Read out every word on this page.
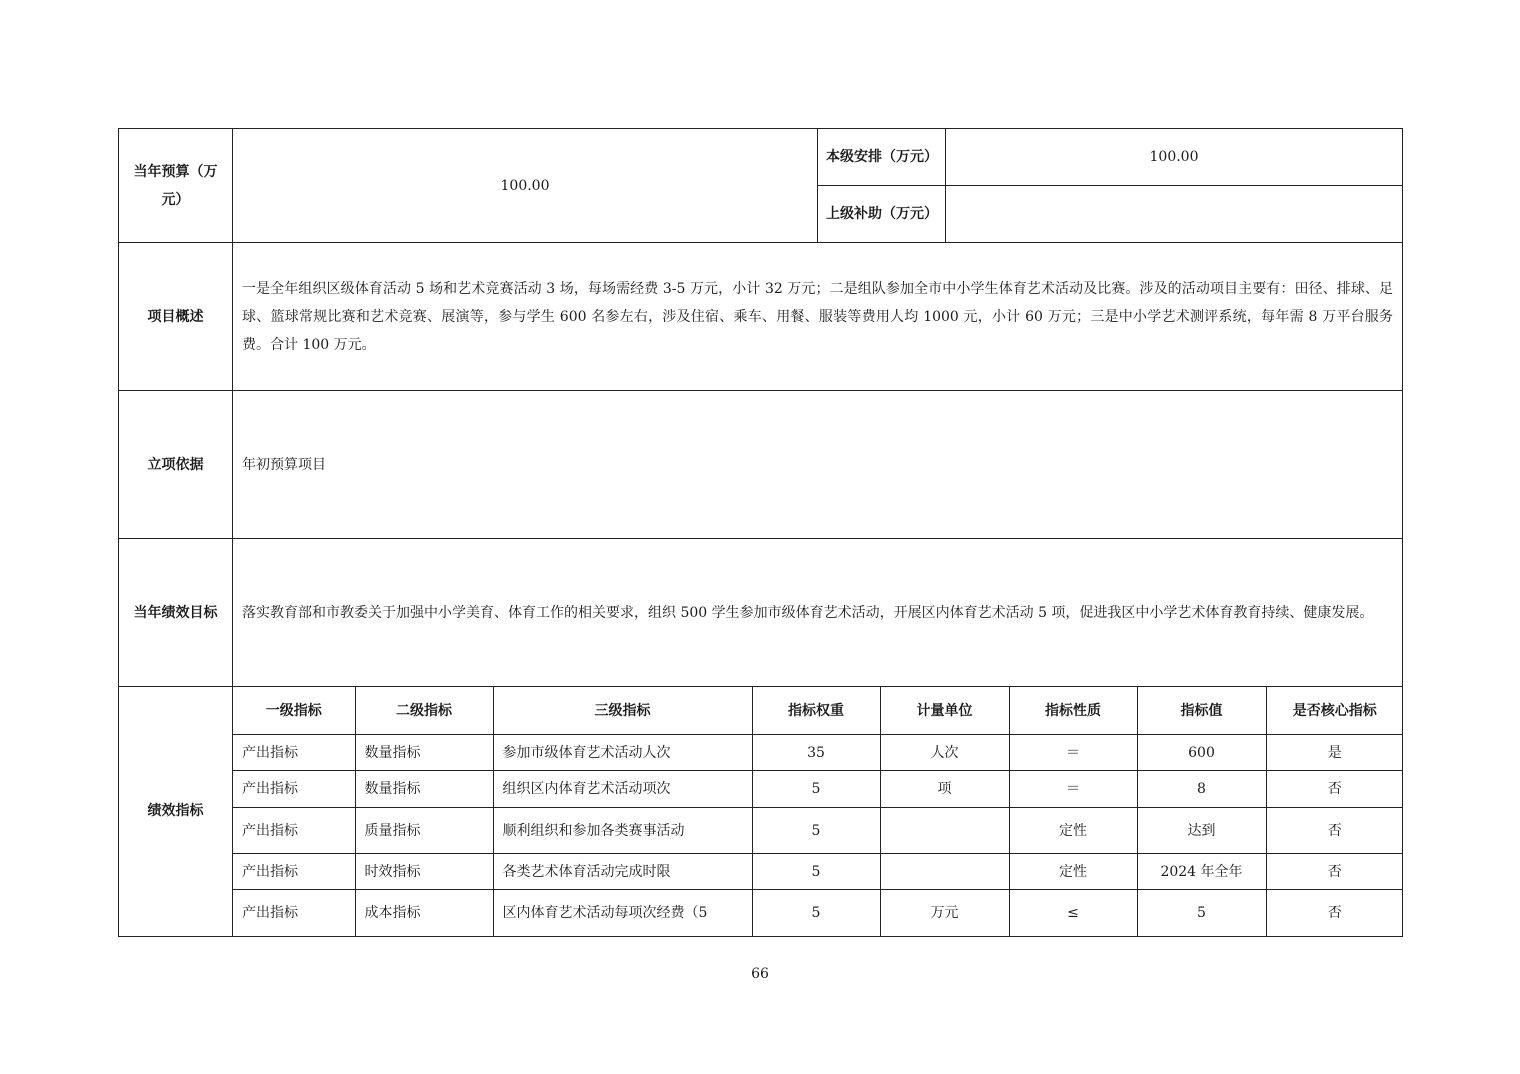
当年预算（万元）	100.00	本级安排（万元）	100.00
上级补助（万元）	
项目概述	一是全年组织区级体育活动 5 场和艺术竞赛活动 3 场，每场需经费 3-5 万元，小计 32 万元；二是组队参加全市中小学生体育艺术活动及比赛。涉及的活动项目主要有：田径、排球、足球、篮球常规比赛和艺术竞赛、展演等，参与学生 600 名参左右，涉及住宿、乘车、用餐、服装等费用人均 1000 元，小计 60 万元；三是中小学艺术测评系统，每年需 8 万平台服务费。合计 100 万元。
立项依据	年初预算项目
当年绩效目标	落实教育部和市教委关于加强中小学美育、体育工作的相关要求，组织 500 学生参加市级体育艺术活动，开展区内体育艺术活动 5 项，促进我区中小学艺术体育教育持续、健康发展。
绩效指标	
一级指标	二级指标	三级指标	指标权重	计量单位	指标性质	指标值	是否核心指标
产出指标	数量指标	参加市级体育艺术活动人次	35	人次	＝	600	是
产出指标	数量指标	组织区内体育艺术活动项次	5	项	＝	8	否
产出指标	质量指标	顺利组织和参加各类赛事活动	5		定性	达到	否
产出指标	时效指标	各类艺术体育活动完成时限	5		定性	2024 年全年	否
产出指标	成本指标	区内体育艺术活动每项次经费（5	5	万元	≤	5	否
66
